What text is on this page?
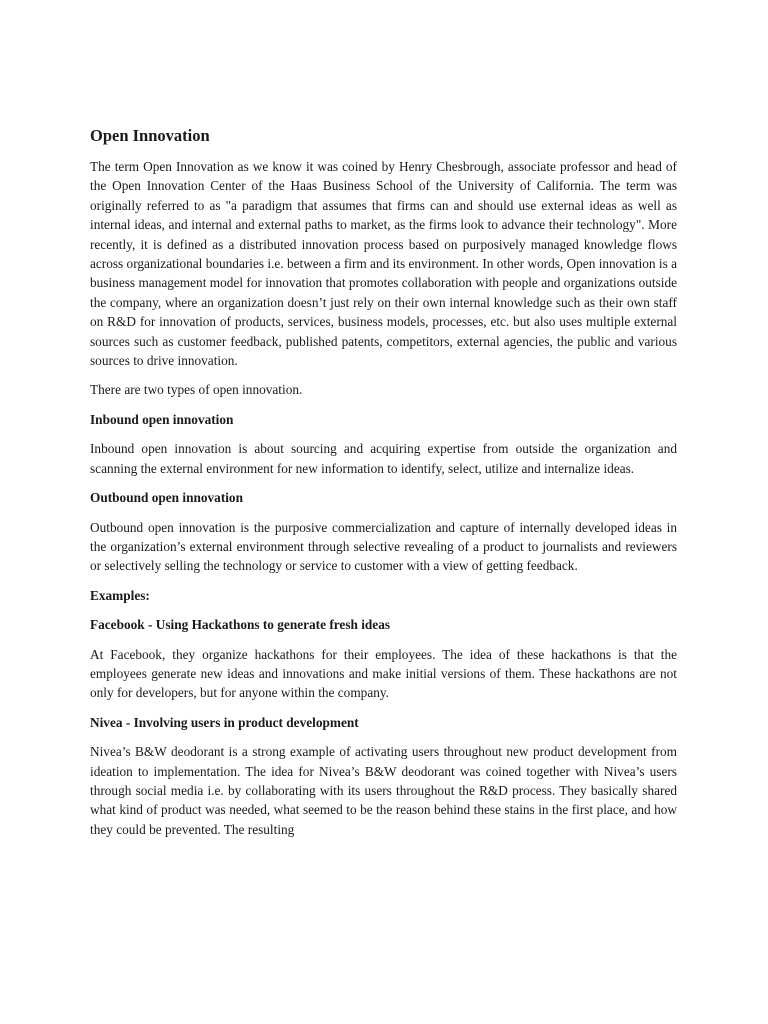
Open Innovation

The term Open Innovation as we know it was coined by Henry Chesbrough, associate professor and head of the Open Innovation Center of the Haas Business School of the University of California. The term was originally referred to as "a paradigm that assumes that firms can and should use external ideas as well as internal ideas, and internal and external paths to market, as the firms look to advance their technology". More recently, it is defined as a distributed innovation process based on purposively managed knowledge flows across organizational boundaries i.e. between a firm and its environment. In other words, Open innovation is a business management model for innovation that promotes collaboration with people and organizations outside the company, where an organization doesn’t just rely on their own internal knowledge such as their own staff on R&D for innovation of products, services, business models, processes, etc. but also uses multiple external sources such as customer feedback, published patents, competitors, external agencies, the public and various sources to drive innovation.

There are two types of open innovation.

Inbound open innovation

Inbound open innovation is about sourcing and acquiring expertise from outside the organization and scanning the external environment for new information to identify, select, utilize and internalize ideas.

Outbound open innovation

Outbound open innovation is the purposive commercialization and capture of internally developed ideas in the organization’s external environment through selective revealing of a product to journalists and reviewers or selectively selling the technology or service to customer with a view of getting feedback.

Examples:
Facebook - Using Hackathons to generate fresh ideas

At Facebook, they organize hackathons for their employees. The idea of these hackathons is that the employees generate new ideas and innovations and make initial versions of them. These hackathons are not only for developers, but for anyone within the company.

Nivea - Involving users in product development

Nivea’s B&W deodorant is a strong example of activating users throughout new product development from ideation to implementation. The idea for Nivea’s B&W deodorant was coined together with Nivea’s users through social media i.e. by collaborating with its users throughout the R&D process. They basically shared what kind of product was needed, what seemed to be the reason behind these stains in the first place, and how they could be prevented. The resulting
